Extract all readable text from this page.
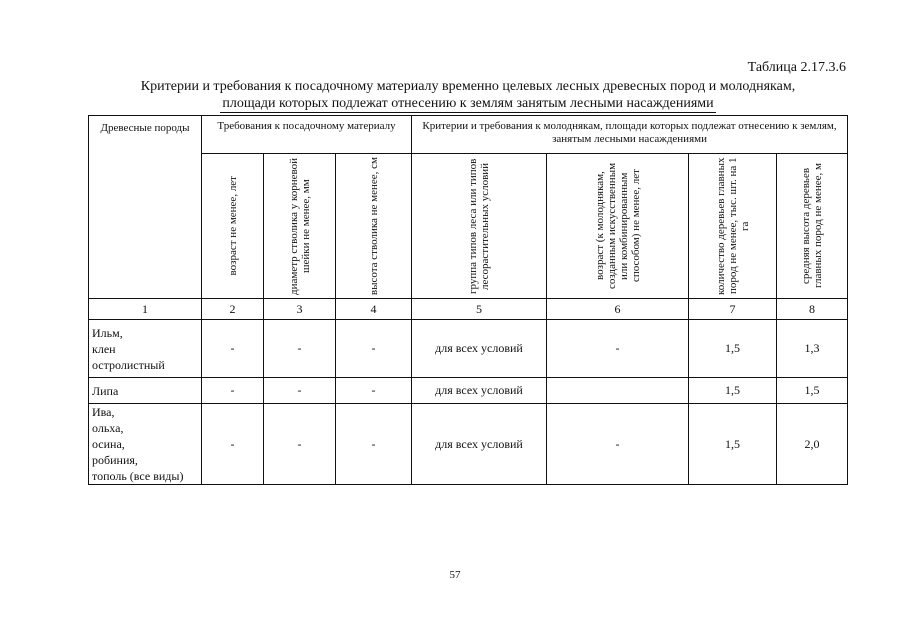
Таблица 2.17.3.6
Критерии и требования к посадочному материалу временно целевых лесных древесных пород и молоднякам,
площади которых подлежат отнесению к землям занятым лесными насаждениями
Древесные породы	Требования к посадочному материалу			Критерии и требования к молоднякам, площади которых подлежат отнесению к землям, занятым лесными насаждениями			

	возраст не менее, лет	диаметр стволика у корневой шейки не менее, мм	высота стволика не менее, см	группа типов леса или типов лесорастительных условий	возраст (к молоднякам, созданным искусственным или комбинированным способом) не менее, лет	количество деревьев главных пород не менее, тыс. шт. на 1 га	средняя высота деревьев главных пород не менее, м

1	2	3	4	5	6	7	8

Ильм,
клен
остролистный	-	-	-	для всех условий	-	1,5	1,3

Липа	-	-	-	для всех условий		1,5	1,5

Ива,
ольха,
осина,
робиния,
тополь (все виды)	-	-	-	для всех условий	-	1,5	2,0
57
